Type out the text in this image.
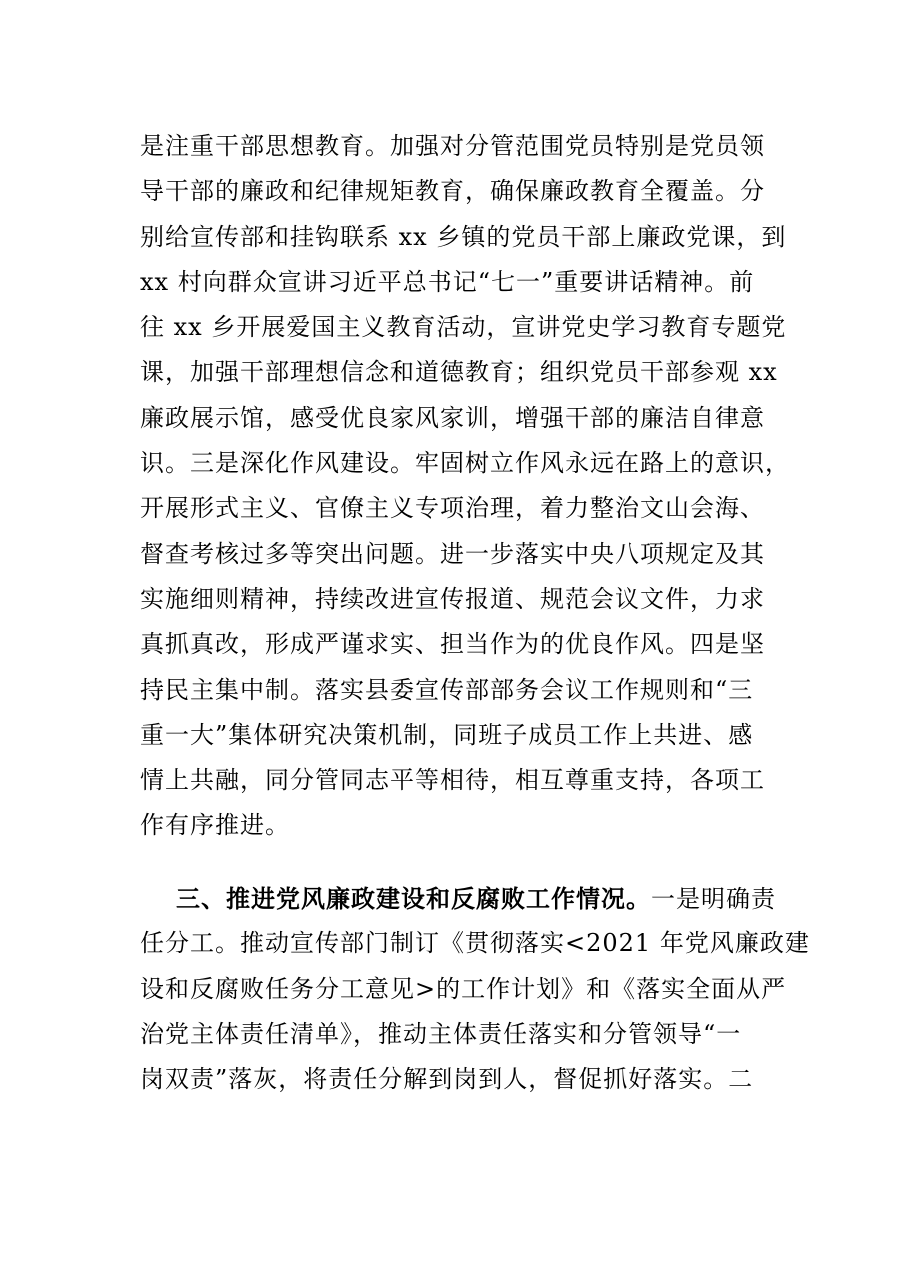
是注重干部思想教育。加强对分管范围党员特别是党员领
导干部的廉政和纪律规矩教育，确保廉政教育全覆盖。分
别给宣传部和挂钩联系 xx 乡镇的党员干部上廉政党课，到
xx 村向群众宣讲习近平总书记“七一”重要讲话精神。前
往 xx 乡开展爱国主义教育活动，宣讲党史学习教育专题党
课，加强干部理想信念和道德教育；组织党员干部参观 xx
廉政展示馆，感受优良家风家训，增强干部的廉洁自律意
识。三是深化作风建设。牢固树立作风永远在路上的意识，
开展形式主义、官僚主义专项治理，着力整治文山会海、
督查考核过多等突出问题。进一步落实中央八项规定及其
实施细则精神，持续改进宣传报道、规范会议文件，力求
真抓真改，形成严谨求实、担当作为的优良作风。四是坚
持民主集中制。落实县委宣传部部务会议工作规则和“三
重一大”集体研究决策机制，同班子成员工作上共进、感
情上共融，同分管同志平等相待，相互尊重支持，各项工
作有序推进。
三、推进党风廉政建设和反腐败工作情况。一是明确责
任分工。推动宣传部门制订《贯彻落实<2021 年党风廉政建
设和反腐败任务分工意见>的工作计划》和《落实全面从严
治党主体责任清单》，推动主体责任落实和分管领导“一
岗双责”落灰，将责任分解到岗到人，督促抓好落实。二
